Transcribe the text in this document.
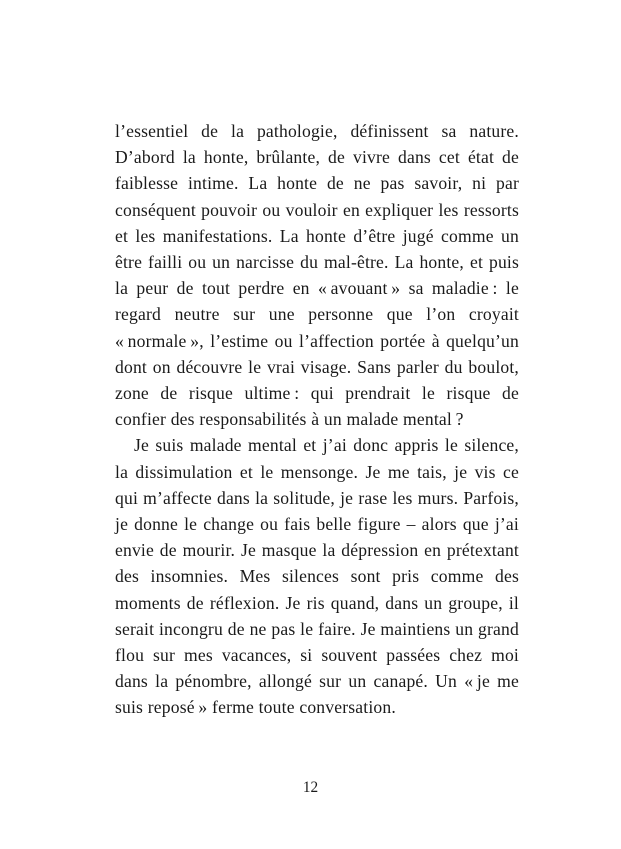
l’essentiel de la pathologie, définissent sa nature. D’abord la honte, brûlante, de vivre dans cet état de faiblesse intime. La honte de ne pas savoir, ni par conséquent pouvoir ou vouloir en expliquer les ressorts et les manifestations. La honte d’être jugé comme un être failli ou un narcisse du mal-être. La honte, et puis la peur de tout perdre en « avouant » sa maladie : le regard neutre sur une personne que l’on croyait « normale », l’estime ou l’affection portée à quelqu’un dont on découvre le vrai visage. Sans parler du boulot, zone de risque ultime : qui prendrait le risque de confier des responsabilités à un malade mental ?

Je suis malade mental et j’ai donc appris le silence, la dissimulation et le mensonge. Je me tais, je vis ce qui m’affecte dans la solitude, je rase les murs. Parfois, je donne le change ou fais belle figure – alors que j’ai envie de mourir. Je masque la dépression en prétextant des insomnies. Mes silences sont pris comme des moments de réflexion. Je ris quand, dans un groupe, il serait incongru de ne pas le faire. Je maintiens un grand flou sur mes vacances, si souvent passées chez moi dans la pénombre, allongé sur un canapé. Un « je me suis reposé » ferme toute conversation.

12
